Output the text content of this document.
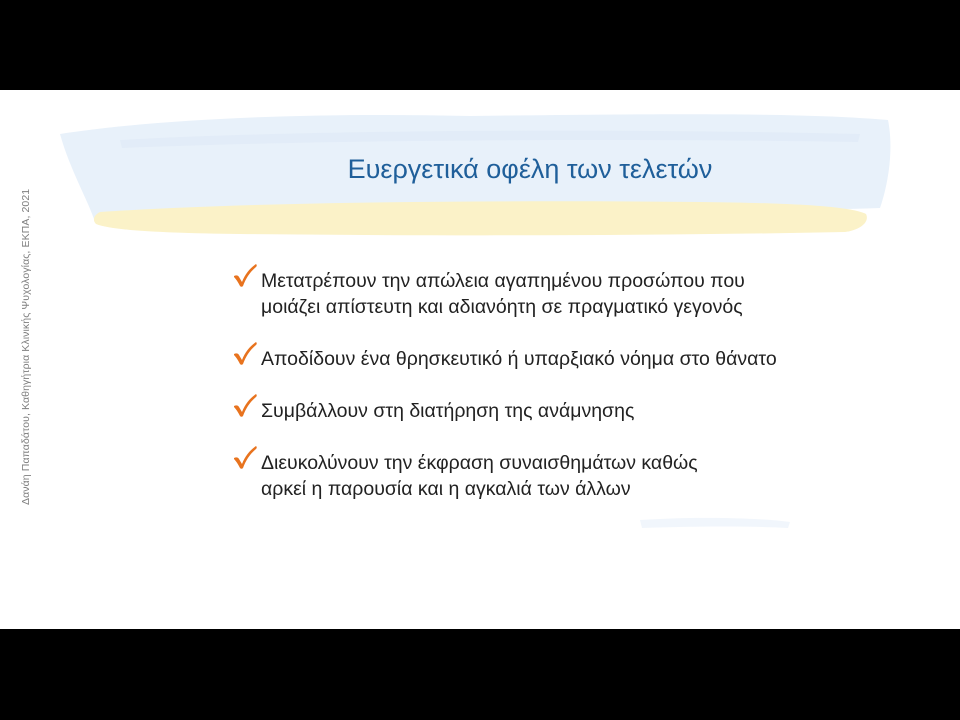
Δανάη Παπαδάτου, Καθηγήτρια Κλινικής Ψυχολογίας, ΕΚΠΑ, 2021
Ευεργετικά οφέλη των τελετών
Μετατρέπουν την απώλεια αγαπημένου προσώπου που
μοιάζει απίστευτη και αδιανόητη σε πραγματικό γεγονός
Αποδίδουν ένα θρησκευτικό ή υπαρξιακό νόημα στο θάνατο
Συμβάλλουν στη διατήρηση της ανάμνησης
Διευκολύνουν την έκφραση συναισθημάτων καθώς
αρκεί η παρουσία και η αγκαλιά των άλλων
